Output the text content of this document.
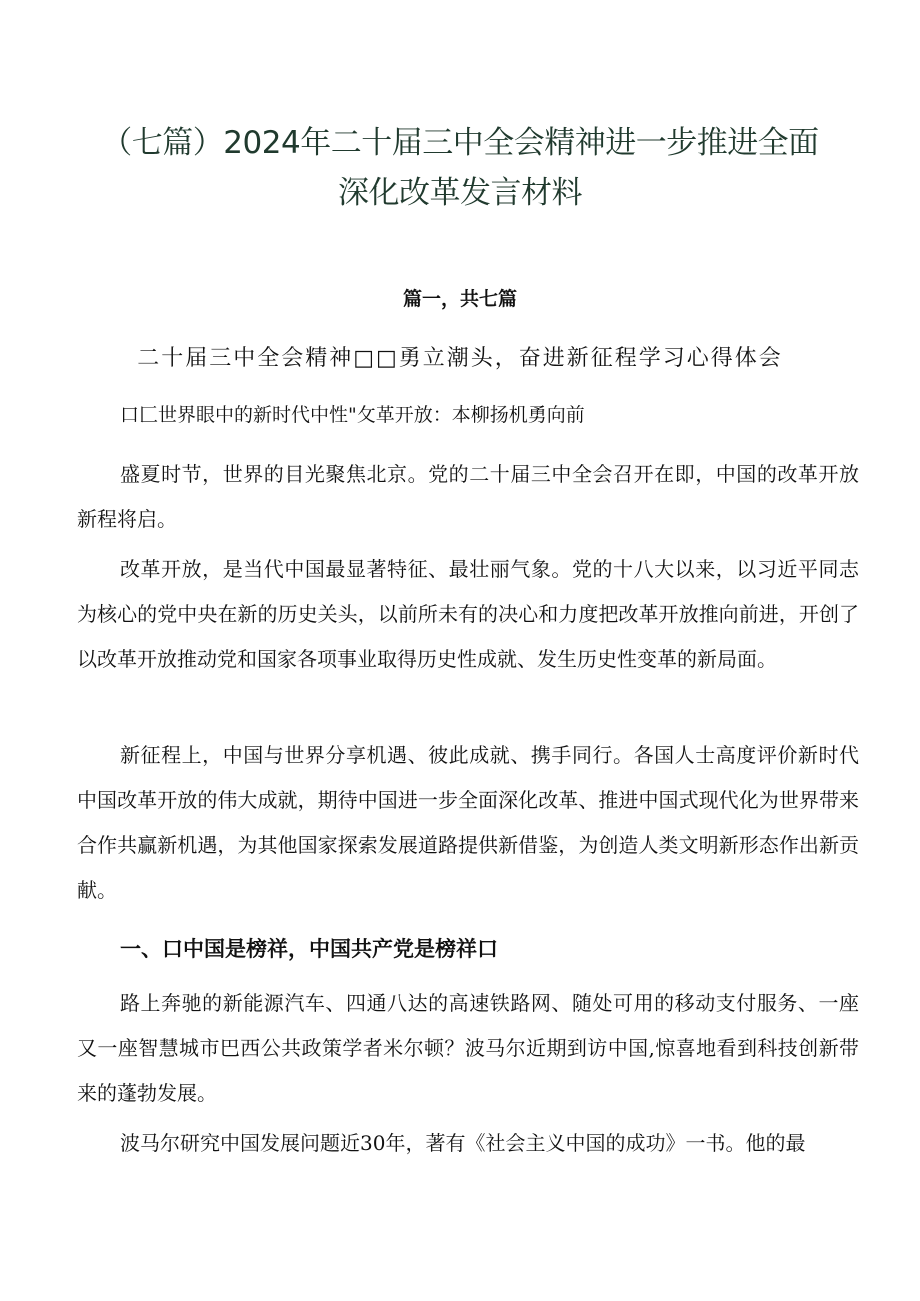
（七篇）2024年二十届三中全会精神进一步推进全面
深化改革发言材料
篇一，共七篇
二十届三中全会精神□□勇立潮头，奋进新征程学习心得体会
口匚世界眼中的新时代中性"攵革开放：本柳扬机勇向前

盛夏时节，世界的目光聚焦北京。党的二十届三中全会召开在即，中国的改革开放新程将启。

改革开放，是当代中国最显著特征、最壮丽气象。党的十八大以来，以习近平同志为核心的党中央在新的历史关头，以前所未有的决心和力度把改革开放推向前进，开创了以改革开放推动党和国家各项事业取得历史性成就、发生历史性变革的新局面。

新征程上，中国与世界分享机遇、彼此成就、携手同行。各国人士高度评价新时代中国改革开放的伟大成就，期待中国进一步全面深化改革、推进中国式现代化为世界带来合作共赢新机遇，为其他国家探索发展道路提供新借鉴，为创造人类文明新形态作出新贡献。

一、口中国是榜祥，中国共产党是榜祥口

路上奔驰的新能源汽车、四通八达的高速铁路网、随处可用的移动支付服务、一座又一座智慧城市巴西公共政策学者米尔顿？波马尔近期到访中国,惊喜地看到科技创新带来的蓬勃发展。

波马尔研究中国发展问题近30年，著有《社会主义中国的成功》一书。他的最
